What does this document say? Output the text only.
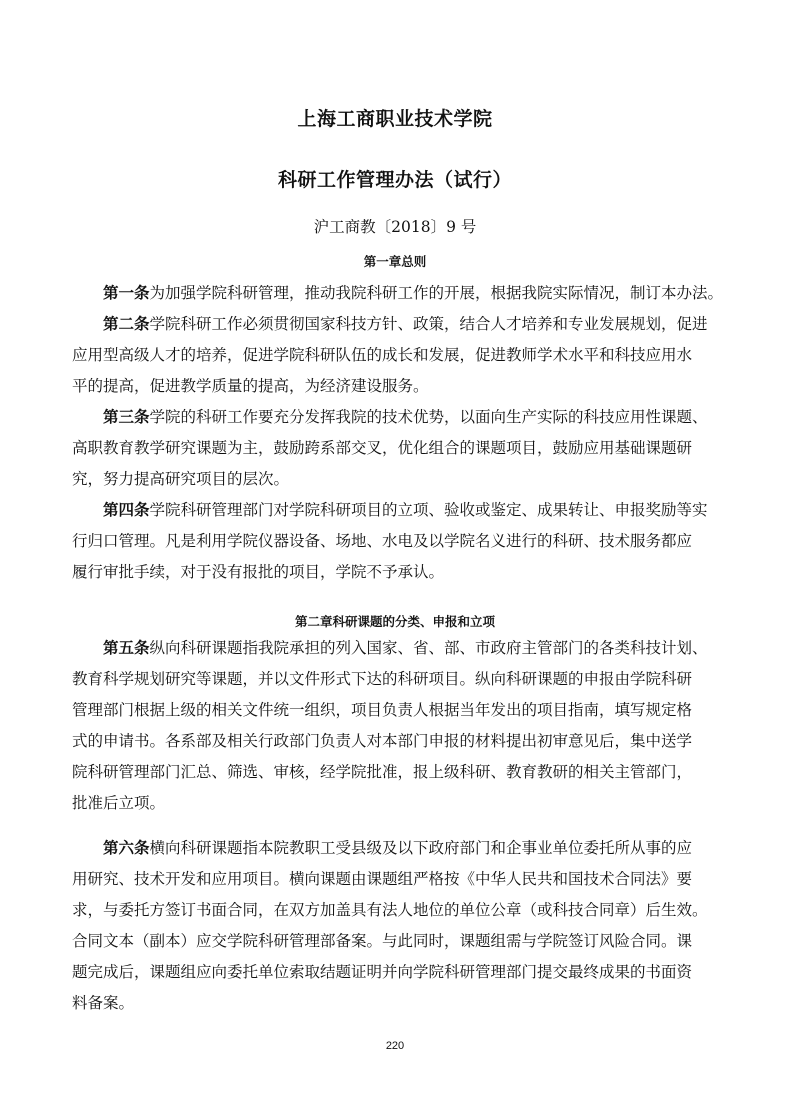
上海工商职业技术学院
科研工作管理办法（试行）
沪工商教〔2018〕9 号
第一章总则
第一条为加强学院科研管理，推动我院科研工作的开展，根据我院实际情况，制订本办法。
第二条学院科研工作必须贯彻国家科技方针、政策，结合人才培养和专业发展规划，促进
应用型高级人才的培养，促进学院科研队伍的成长和发展，促进教师学术水平和科技应用水
平的提高，促进教学质量的提高，为经济建设服务。
第三条学院的科研工作要充分发挥我院的技术优势，以面向生产实际的科技应用性课题、
高职教育教学研究课题为主，鼓励跨系部交叉，优化组合的课题项目，鼓励应用基础课题研
究，努力提高研究项目的层次。
第四条学院科研管理部门对学院科研项目的立项、验收或鉴定、成果转让、申报奖励等实
行归口管理。凡是利用学院仪器设备、场地、水电及以学院名义进行的科研、技术服务都应
履行审批手续，对于没有报批的项目，学院不予承认。
第二章科研课题的分类、申报和立项
第五条纵向科研课题指我院承担的列入国家、省、部、市政府主管部门的各类科技计划、
教育科学规划研究等课题，并以文件形式下达的科研项目。纵向科研课题的申报由学院科研
管理部门根据上级的相关文件统一组织，项目负责人根据当年发出的项目指南，填写规定格
式的申请书。各系部及相关行政部门负责人对本部门申报的材料提出初审意见后，集中送学
院科研管理部门汇总、筛选、审核，经学院批准，报上级科研、教育教研的相关主管部门，
批准后立项。
第六条横向科研课题指本院教职工受县级及以下政府部门和企事业单位委托所从事的应
用研究、技术开发和应用项目。横向课题由课题组严格按《中华人民共和国技术合同法》要
求，与委托方签订书面合同，在双方加盖具有法人地位的单位公章（或科技合同章）后生效。
合同文本（副本）应交学院科研管理部备案。与此同时，课题组需与学院签订风险合同。课
题完成后，课题组应向委托单位索取结题证明并向学院科研管理部门提交最终成果的书面资
料备案。
220
